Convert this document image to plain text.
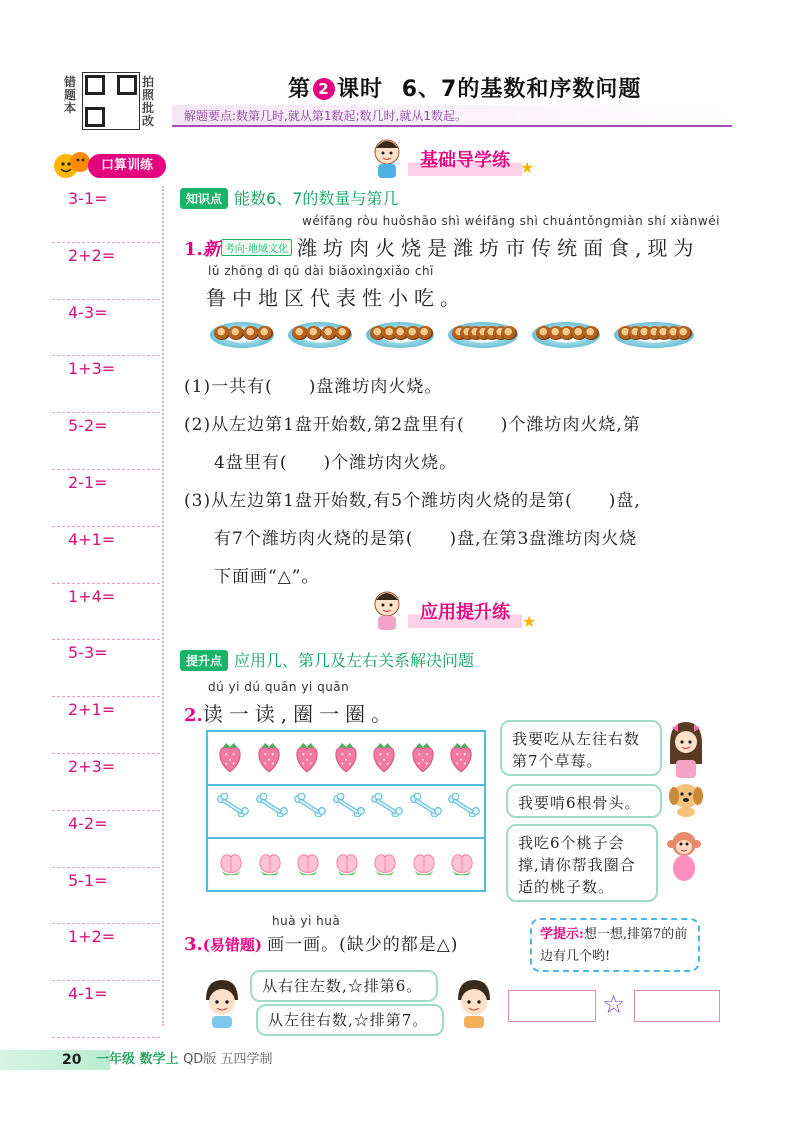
错题本
拍照批改
第 2 课时 6、7的基数和序数问题
解题要点:数第几时,就从第1数起;数几时,就从1数起。
口算训练
3-1=
2+2=
4-3=
1+3=
5-2=
2-1=
4+1=
1+4=
5-3=
2+1=
2+3=
4-2=
5-1=
1+2=
4-1=
基础导学练 ★
知识点 能数6、7的数量与第几
wéifāng ròu huǒshāo shì wéifāng shì chuántǒngmiàn shí xiànwéi
1.新 考向·地域文化 潍坊肉火烧是潍坊市传统面食,现为
lǔ zhōng dì qū dài biǎoxìngxiǎo chī
鲁中地区代表性小吃。
(1)一共有(　　)盘潍坊肉火烧。
(2)从左边第1盘开始数,第2盘里有(　　)个潍坊肉火烧,第
4盘里有(　　)个潍坊肉火烧。
(3)从左边第1盘开始数,有5个潍坊肉火烧的是第(　　)盘,
有7个潍坊肉火烧的是第(　　)盘,在第3盘潍坊肉火烧
下面画“△”。
应用提升练 ★
提升点 应用几、第几及左右关系解决问题
dú yi dú quān yi quān
2.读一读,圈一圈。
我要吃从左往右数第7个草莓。
我要啃6根骨头。
我吃6个桃子会撑,请你帮我圈合适的桃子数。
huà yi huà
3.(易错题) 画一画。(缺少的都是△)
学提示:想一想,排第7的前边有几个哟!
从右往左数,☆排第6。
从左往右数,☆排第7。	☆
20 一年级 数学上 QD版 五四学制
